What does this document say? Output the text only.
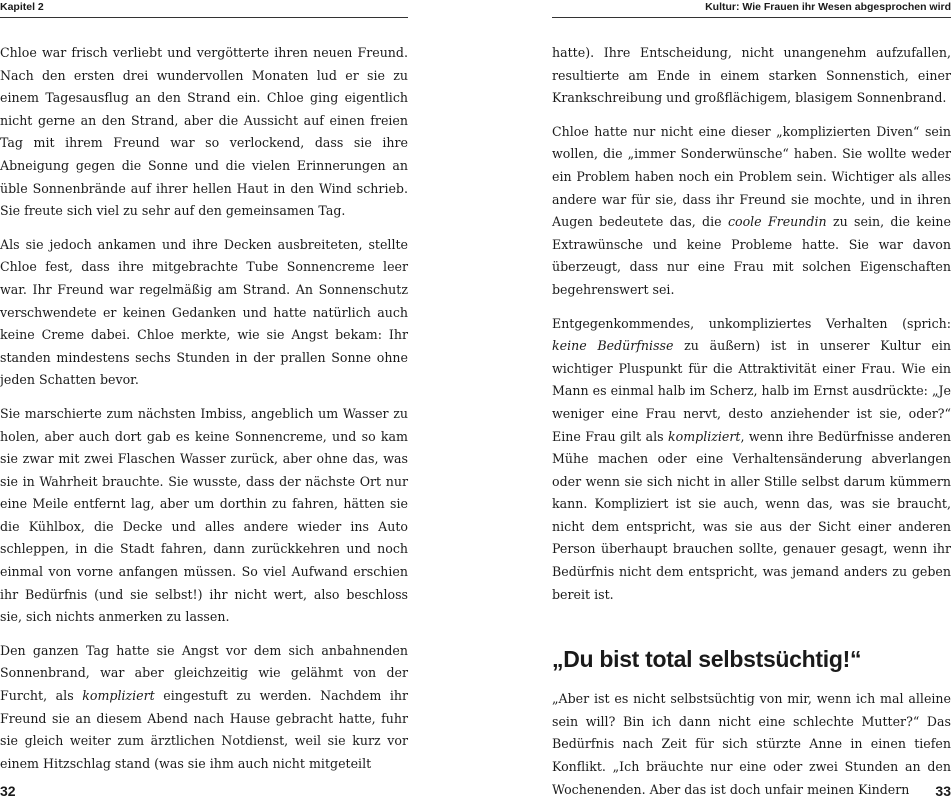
Kapitel 2

Chloe war frisch verliebt und vergötterte ihren neuen Freund. Nach den ersten drei wundervollen Monaten lud er sie zu einem Tagesausflug an den Strand ein. Chloe ging eigentlich nicht gerne an den Strand, aber die Aussicht auf einen freien Tag mit ihrem Freund war so verlockend, dass sie ihre Abneigung gegen die Sonne und die vielen Erinnerungen an üble Sonnenbrände auf ihrer hellen Haut in den Wind schrieb. Sie freute sich viel zu sehr auf den gemeinsamen Tag.

Als sie jedoch ankamen und ihre Decken ausbreiteten, stellte Chloe fest, dass ihre mitgebrachte Tube Sonnencreme leer war. Ihr Freund war regelmäßig am Strand. An Sonnenschutz verschwendete er keinen Gedanken und hatte natürlich auch keine Creme dabei. Chloe merkte, wie sie Angst bekam: Ihr standen mindestens sechs Stunden in der prallen Sonne ohne jeden Schatten bevor.

Sie marschierte zum nächsten Imbiss, angeblich um Wasser zu holen, aber auch dort gab es keine Sonnencreme, und so kam sie zwar mit zwei Flaschen Wasser zurück, aber ohne das, was sie in Wahrheit brauchte. Sie wusste, dass der nächste Ort nur eine Meile entfernt lag, aber um dorthin zu fahren, hätten sie die Kühlbox, die Decke und alles andere wieder ins Auto schleppen, in die Stadt fahren, dann zurückkehren und noch einmal von vorne anfangen müssen. So viel Aufwand erschien ihr Bedürfnis (und sie selbst!) ihr nicht wert, also beschloss sie, sich nichts anmerken zu lassen.

Den ganzen Tag hatte sie Angst vor dem sich anbahnenden Sonnenbrand, war aber gleichzeitig wie gelähmt von der Furcht, als kompliziert eingestuft zu werden. Nachdem ihr Freund sie an diesem Abend nach Hause gebracht hatte, fuhr sie gleich weiter zum ärztlichen Notdienst, weil sie kurz vor einem Hitzschlag stand (was sie ihm auch nicht mitgeteilt

32
Kultur: Wie Frauen ihr Wesen abgesprochen wird

hatte). Ihre Entscheidung, nicht unangenehm aufzufallen, resultierte am Ende in einem starken Sonnenstich, einer Krankschreibung und großflächigem, blasigem Sonnenbrand.

Chloe hatte nur nicht eine dieser „komplizierten Diven“ sein wollen, die „immer Sonderwünsche“ haben. Sie wollte weder ein Problem haben noch ein Problem sein. Wichtiger als alles andere war für sie, dass ihr Freund sie mochte, und in ihren Augen bedeutete das, die coole Freundin zu sein, die keine Extrawünsche und keine Probleme hatte. Sie war davon überzeugt, dass nur eine Frau mit solchen Eigenschaften begehrenswert sei.

Entgegenkommendes, unkompliziertes Verhalten (sprich: keine Bedürfnisse zu äußern) ist in unserer Kultur ein wichtiger Pluspunkt für die Attraktivität einer Frau. Wie ein Mann es einmal halb im Scherz, halb im Ernst ausdrückte: „Je weniger eine Frau nervt, desto anziehender ist sie, oder?“ Eine Frau gilt als kompliziert, wenn ihre Bedürfnisse anderen Mühe machen oder eine Verhaltensänderung abverlangen oder wenn sie sich nicht in aller Stille selbst darum kümmern kann. Kompliziert ist sie auch, wenn das, was sie braucht, nicht dem entspricht, was sie aus der Sicht einer anderen Person überhaupt brauchen sollte, genauer gesagt, wenn ihr Bedürfnis nicht dem entspricht, was jemand anders zu geben bereit ist.

„Du bist total selbstsüchtig!“

„Aber ist es nicht selbstsüchtig von mir, wenn ich mal alleine sein will? Bin ich dann nicht eine schlechte Mutter?“ Das Bedürfnis nach Zeit für sich stürzte Anne in einen tiefen Konflikt. „Ich bräuchte nur eine oder zwei Stunden an den Wochenenden. Aber das ist doch unfair meinen Kindern	33
